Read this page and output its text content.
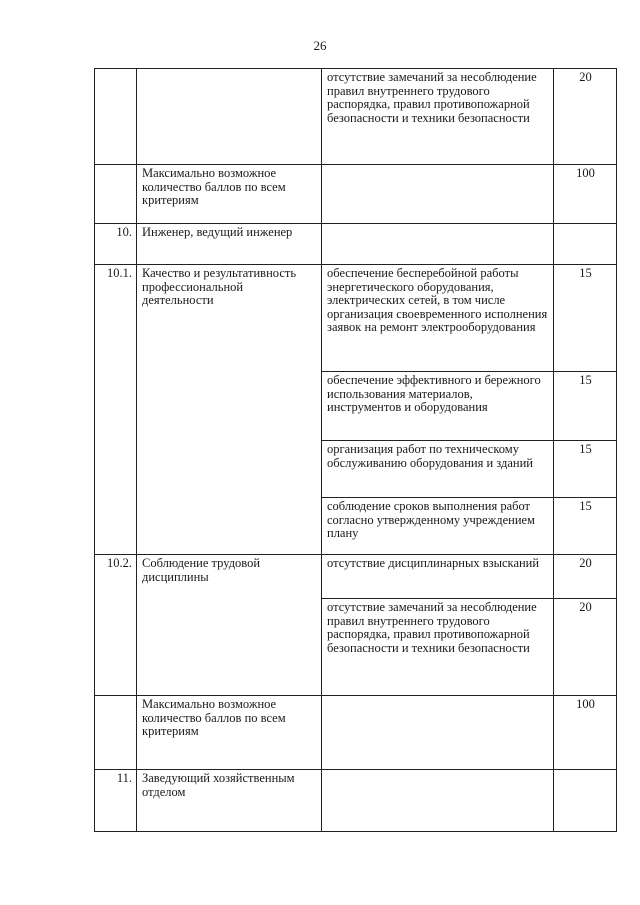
26

		отсутствие замечаний за несоблюдение правил внутреннего трудового распорядка, правил противопожарной безопасности и техники безопасности	20
	Максимально возможное количество баллов по всем критериям		100
10.	Инженер, ведущий инженер	

10.1.	Качество и результативность профессиональной деятельности	обеспечение бесперебойной работы энергетического оборудования, электрических сетей, в том числе организация своевременного исполнения заявок на ремонт электрооборудования	15

		обеспечение эффективного и бережного использования материалов, инструментов и оборудования	15

		организация работ по техническому обслуживанию оборудования и зданий	15

		соблюдение сроков выполнения работ согласно утвержденному учреждением плану	15
10.2.	Соблюдение трудовой дисциплины	отсутствие дисциплинарных взысканий	20

		отсутствие замечаний за несоблюдение правил внутреннего трудового распорядка, правил противопожарной безопасности и техники безопасности	20
	Максимально возможное количество баллов по всем критериям		100
11.	Заведующий хозяйственным отделом	
